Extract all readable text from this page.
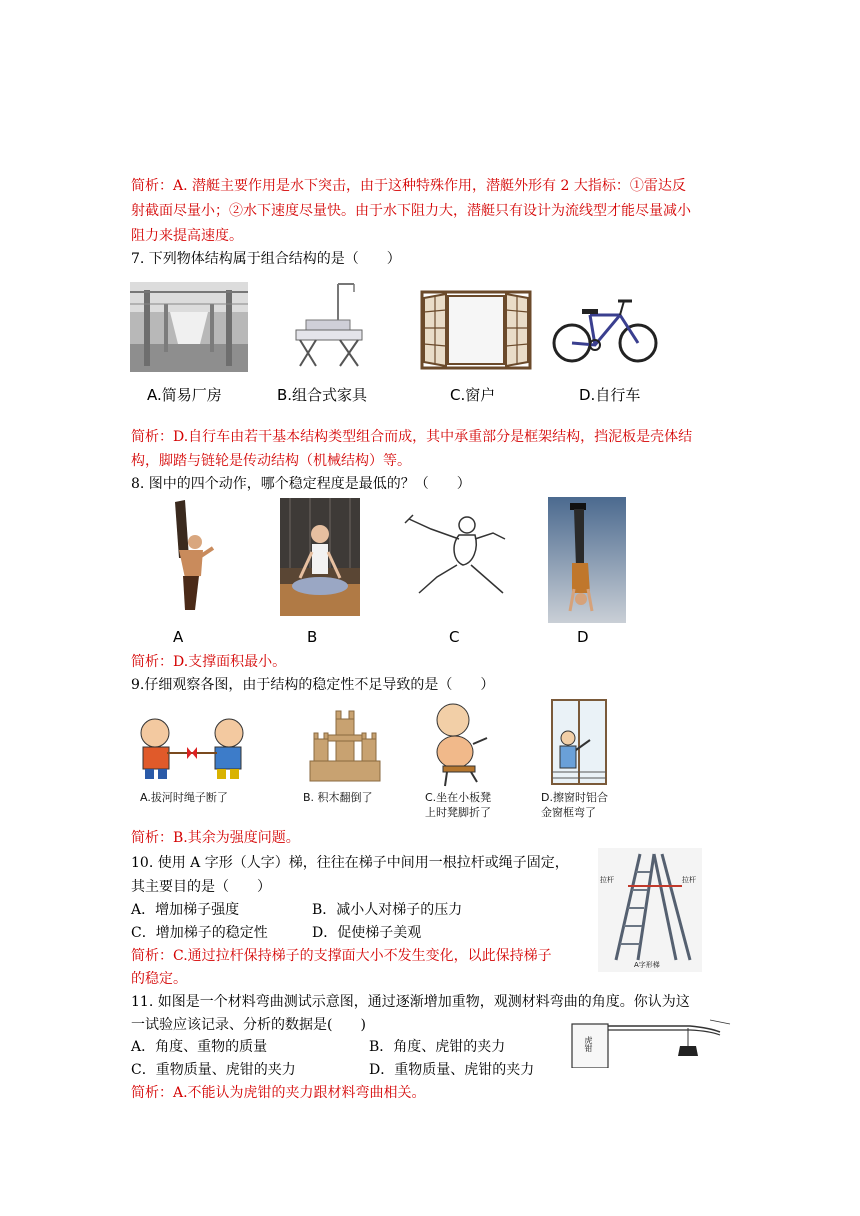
简析：A. 潜艇主要作用是水下突击，由于这种特殊作用，潜艇外形有 2 大指标：①雷达反
射截面尽量小；②水下速度尽量快。由于水下阻力大，潜艇只有设计为流线型才能尽量减小
阻力来提高速度。
7. 下列物体结构属于组合结构的是（　　）
A.简易厂房	B.组合式家具	C.窗户	D.自行车
简析：D.自行车由若干基本结构类型组合而成，其中承重部分是框架结构，挡泥板是壳体结
构，脚踏与链轮是传动结构（机械结构）等。
8. 图中的四个动作，哪个稳定程度是最低的？（　　）
A	B	C	D
简析：D.支撑面积最小。
9.仔细观察各图，由于结构的稳定性不足导致的是（　　）
A.拔河时绳子断了	B. 积木翻倒了	C.坐在小板凳
上时凳脚折了
D.擦窗时铝合
金窗框弯了
简析：B.其余为强度问题。
10. 使用 A 字形（人字）梯，往往在梯子中间用一根拉杆或绳子固定，
其主要目的是（　　）
A．增加梯子强度	B．减小人对梯子的压力
C．增加梯子的稳定性	D．促使梯子美观
简析：C.通过拉杆保持梯子的支撑面大小不发生变化，以此保持梯子
的稳定。
拉杆	拉杆
A字形梯
11. 如图是一个材料弯曲测试示意图，通过逐渐增加重物，观测材料弯曲的角度。你认为这
一试验应该记录、分析的数据是(　　)
A．角度、重物的质量	B．角度、虎钳的夹力
C．重物质量、虎钳的夹力	D．重物质量、虎钳的夹力
简析：A.不能认为虎钳的夹力跟材料弯曲相关。
虎钳
